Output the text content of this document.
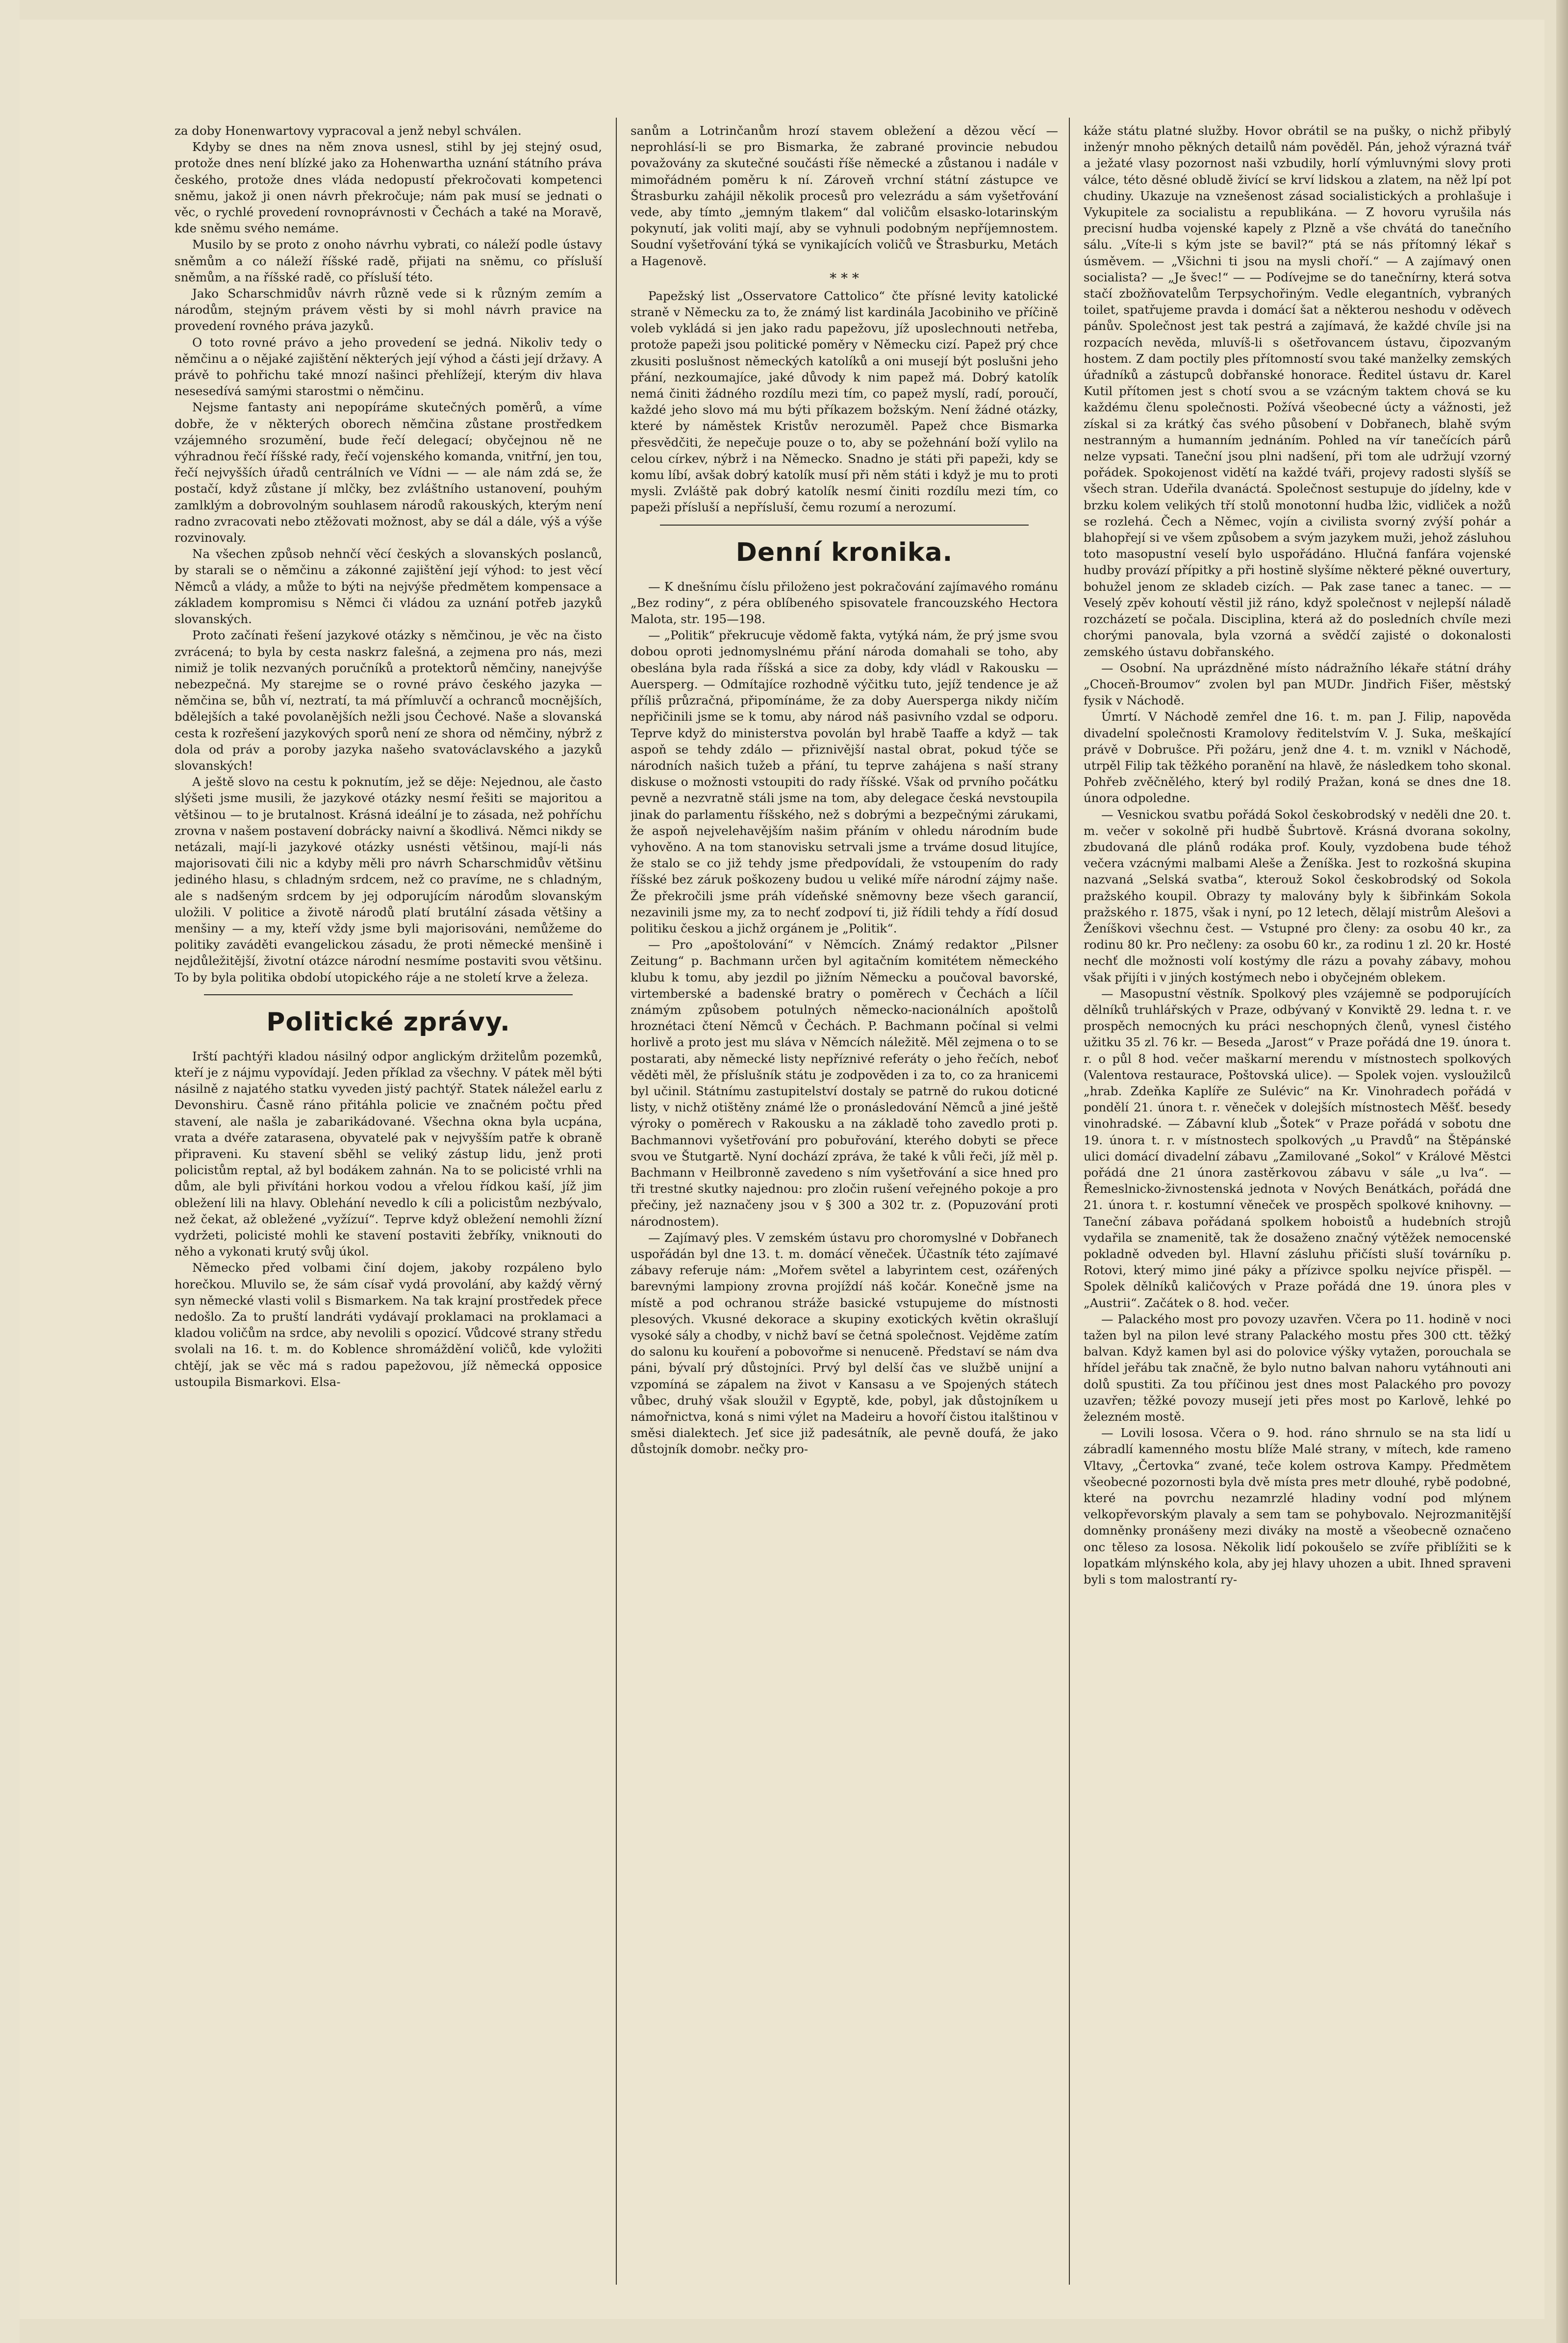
za doby Honenwartovy vypracoval a jenž nebyl schválen.

Kdyby se dnes na něm znova usnesl, stihl by jej stejný osud, protože dnes není blízké jako za Hohenwartha uznání státního práva českého, protože dnes vláda nedopustí překročovati kompetenci sněmu, jakož ji onen návrh překročuje; nám pak musí se jednati o věc, o rychlé provedení rovnoprávnosti v Čechách a také na Moravě, kde sněmu svého nemáme.

Musilo by se proto z onoho návrhu vybrati, co náleží podle ústavy sněmům a co náleží říšské radě, přijati na sněmu, co přísluší sněmům, a na říšské radě, co přísluší této.

Jako Scharschmidův návrh různě vede si k různým zemím a národům, stejným právem věsti by si mohl návrh pravice na provedení rovného práva jazyků.

O toto rovné právo a jeho provedení se jedná. Nikoliv tedy o němčinu a o nějaké zajištění některých její výhod a části její državy. A právě to pohřichu také mnozí našinci přehlížejí, kterým div hlava nesesedívá samými starostmi o němčinu.

Nejsme fantasty ani nepopíráme skutečných poměrů, a víme dobře, že v některých oborech němčina zůstane prostředkem vzájemného srozumění, bude řečí delegací; obyčejnou ně ne výhradnou řečí říšské rady, řečí vojenského komanda, vnitřní, jen tou, řečí nejvyšších úřadů centrálních ve Vídni — — ale nám zdá se, že postačí, když zůstane jí mlčky, bez zvláštního ustanovení, pouhým zamlklým a dobrovolným souhlasem národů rakouských, kterým není radno zvracovati nebo ztěžovati možnost, aby se dál a dále, výš a výše rozvinovaly.

Na všechen způsob nehnčí věcí českých a slovanských poslanců, by starali se o němčinu a zákonné zajištění její výhod: to jest věcí Němců a vlády, a může to býti na nejvýše předmětem kompensace a základem kompromisu s Němci či vládou za uznání potřeb jazyků slovanských.

Proto začínati řešení jazykové otázky s němčinou, je věc na čisto zvrácená; to byla by cesta naskrz falešná, a zejmena pro nás, mezi nimiž je tolik nezvaných poručníků a protektorů němčiny, nanejvýše nebezpečná. My starejme se o rovné právo českého jazyka — němčina se, bůh ví, neztratí, ta má přímluvčí a ochranců mocnějších, bdělejších a také povolanějších nežli jsou Čechové. Naše a slovanská cesta k rozřešení jazykových sporů není ze shora od němčiny, nýbrž z dola od práv a poroby jazyka našeho svatováclavského a jazyků slovanských!

A ještě slovo na cestu k poknutím, jež se děje: Nejednou, ale často slýšeti jsme musili, že jazykové otázky nesmí řešiti se majoritou a většinou — to je brutalnost. Krásná ideální je to zásada, než pohříchu zrovna v našem postavení dobrácky naivní a škodlivá. Němci nikdy se netázali, mají-li jazykové otázky usnésti většinou, mají-li nás majorisovati čili nic a kdyby měli pro návrh Scharschmidův většinu jediného hlasu, s chladným srdcem, než co pravíme, ne s chladným, ale s nadšeným srdcem by jej odporujícím národům slovanským uložili. V politice a životě národů platí brutální zásada většiny a menšiny — a my, kteří vždy jsme byli majorisováni, nemůžeme do politiky zaváděti evangelickou zásadu, že proti německé menšině i nejdůležitější, životní otázce národní nesmíme postaviti svou většinu. To by byla politika období utopického ráje a ne století krve a železa.

Politické zprávy.

Irští pachtýři kladou násilný odpor anglickým držitelům pozemků, kteří je z nájmu vypovídají. Jeden příklad za všechny. V pátek měl býti násilně z najatého statku vyveden jistý pachtýř. Statek náležel earlu z Devonshiru. Časně ráno přitáhla policie ve značném počtu před stavení, ale našla je zabarikádované. Všechna okna byla ucpána, vrata a dvéře zatarasena, obyvatelé pak v nejvyšším patře k obraně připraveni. Ku stavení sběhl se veliký zástup lidu, jenž proti policistům reptal, až byl bodákem zahnán. Na to se policisté vrhli na dům, ale byli přivítáni horkou vodou a vřelou řídkou kaší, jíž jim obležení lili na hlavy. Oblehání nevedlo k cíli a policistům nezbývalo, než čekat, až obležené „vyžízuí“. Teprve když obležení nemohli žízní vydržeti, policisté mohli ke stavení postaviti žebříky, vniknouti do něho a vykonati krutý svůj úkol.

Německo před volbami činí dojem, jakoby rozpáleno bylo horečkou. Mluvilo se, že sám císař vydá provolání, aby každý věrný syn německé vlasti volil s Bismarkem. Na tak krajní prostředek přece nedošlo. Za to pruští landráti vydávají proklamaci na proklamaci a kladou voličům na srdce, aby nevolili s opozicí. Vůdcové strany středu svolali na 16. t. m. do Koblence shromáždění voličů, kde vyložiti chtějí, jak se věc má s radou papežovou, jíž německá opposice ustoupila Bismarkovi. Elsa-

sanům a Lotrinčanům hrozí stavem obležení a dězou věcí — neprohlásí-li se pro Bismarka, že zabrané provincie nebudou považovány za skutečné součásti říše německé a zůstanou i nadále v mimořádném poměru k ní. Zároveň vrchní státní zástupce ve Štrasburku zahájil několik procesů pro velezrádu a sám vyšetřování vede, aby tímto „jemným tlakem“ dal voličům elsasko-lotarinským pokynutí, jak voliti mají, aby se vyhnuli podobným nepříjemnostem. Soudní vyšetřování týká se vynikajících voličů ve Štrasburku, Metách a Hagenově.

* * *

Papežský list „Osservatore Cattolico“ čte přísné levity katolické straně v Německu za to, že známý list kardinála Jacobiniho ve příčině voleb vykládá si jen jako radu papežovu, jíž uposlechnouti netřeba, protože papeži jsou politické poměry v Německu cizí. Papež prý chce zkusiti poslušnost německých katolíků a oni musejí být poslušni jeho přání, nezkoumajíce, jaké důvody k nim papež má. Dobrý katolík nemá činiti žádného rozdílu mezi tím, co papež myslí, radí, poroučí, každé jeho slovo má mu býti příkazem božským. Není žádné otázky, které by náměstek Kristův nerozuměl. Papež chce Bismarka přesvědčiti, že nepečuje pouze o to, aby se požehnání boží vylilo na celou církev, nýbrž i na Německo. Snadno je státi při papeži, kdy se komu líbí, avšak dobrý katolík musí při něm státi i když je mu to proti mysli. Zvláště pak dobrý katolík nesmí činiti rozdílu mezi tím, co papeži přísluší a nepřísluší, čemu rozumí a nerozumí.

Denní kronika.

— K dnešnímu číslu přiloženo jest pokračování zajímavého románu „Bez rodiny“, z péra oblíbeného spisovatele francouzského Hectora Malota, str. 195—198.

— „Politik“ překrucuje vědomě fakta, vytýká nám, že prý jsme svou dobou oproti jednomyslnému přání národa domahali se toho, aby obeslána byla rada říšská a sice za doby, kdy vládl v Rakousku — Auersperg. — Odmítajíce rozhodně výčitku tuto, jejíž tendence je až příliš průzračná, připomínáme, že za doby Auerspergа nikdy ničím nepřičinili jsme se k tomu, aby národ náš pasivního vzdal se odporu. Teprve když do ministerstva povolán byl hrabě Taaffe a když — tak aspoň se tehdy zdálo — přiznivější nastal obrat, pokud týče se národních našich tužeb a přání, tu teprve zahájena s naší strany diskuse o možnosti vstoupiti do rady říšské. Však od prvního počátku pevně a nezvratně stáli jsme na tom, aby delegace česká nevstoupila jinak do parlamentu říšského, než s dobrými a bezpečnými zárukami, že aspoň nejvelehavějším našim přáním v ohledu národním bude vyhověno. A na tom stanovisku setrvali jsme a trváme dosud litujíce, že stalo se co již tehdy jsme předpovídali, že vstoupením do rady říšské bez záruk poškozeny budou u veliké míře národní zájmy naše. Že překročili jsme práh vídeňské sněmovny beze všech garancií, nezavinili jsme my, za to nechť zodpoví ti, již řídili tehdy a řídí dosud politiku českou a jichž orgánem je „Politik“.

— Pro „apoštolování“ v Němcích. Známý redaktor „Pilsner Zeitung“ p. Bachmann určen byl agitačním komitétem německého klubu k tomu, aby jezdil po jižním Německu a poučoval bavorské, virtemberské a badenské bratry o poměrech v Čechách a líčil známým způsobem potulných německo-nacionálních apoštolů hroznétaci čtení Němců v Čechách. P. Bachmann počínal si velmi horlivě a proto jest mu sláva v Němcích náležitě. Měl zejmena o to se postarati, aby německé listy nepříznivé referáty o jeho řečích, neboť věděti měl, že příslušník státu je zodpověden i za to, co za hranicemi byl učinil. Státnímu zastupitelství dostaly se patrně do rukou doticné listy, v nichž otištěny známé lže o pronásledování Němců a jiné ještě výroky o poměrech v Rakousku a na základě toho zavedlo proti p. Bachmannovi vyšetřování pro pobuřování, kterého dobyti se přece svou ve Štutgartě. Nyní dochází zpráva, že také k vůli řeči, jíž měl p. Bachmann v Heilbronně zavedeno s ním vyšetřování a sice hned pro tři trestné skutky najednou: pro zločin rušení veřejného pokoje a pro přečiny, jež naznačeny jsou v § 300 a 302 tr. z. (Popuzování proti národnostem).

— Zajímavý ples. V zemském ústavu pro choromyslné v Dobřanech uspořádán byl dne 13. t. m. domácí věneček. Účastník této zajímavé zábavy referuje nám: „Mořem světel a labyrintem cest, ozářených barevnými lampiony zrovna projíždí náš kočár. Konečně jsme na místě a pod ochranou stráže basické vstupujeme do místnosti plesových. Vkusné dekorace a skupiny exotických květin okrašlují vysoké sály a chodby, v nichž baví se četná společnost. Vejděme zatím do salonu ku kouření a pobovořme si nenuceně. Představí se nám dva páni, bývalí prý důstojníci. Prvý byl delší čas ve službě unijní a vzpomíná se zápalem na život v Kansasu a ve Spojených státech vůbec, druhý však sloužil v Egyptě, kde, pobyl, jak důstojníkem u námořnictva, koná s nimi výlet na Madeiru a hovoří čistou italštinou v směsi dialektech. Jeť sice již padesátník, ale pevně doufá, že jako důstojník domobr. nečky pro-

káže státu platné služby. Hovor obrátil se na pušky, o nichž přibylý inženýr mnoho pěkných detailů nám pověděl. Pán, jehož výrazná tvář a ježaté vlasy pozornost naši vzbudily, horlí výmluvnými slovy proti válce, této děsné obludě živící se krví lidskou a zlatem, na něž lpí pot chudiny. Ukazuje na vznešenost zásad socialistických a prohlašuje i Vykupitele za socialistu a republikána. — Z hovoru vyrušila nás precisní hudba vojenské kapely z Plzně a vše chvátá do tanečního sálu. „Víte-li s kým jste se bavil?“ ptá se nás přítomný lékař s úsměvem. — „Všichni ti jsou na mysli choří.“ — A zajímavý onen socialista? — „Je švec!“ — — Podívejme se do tanečnírny, která sotva stačí zbožňovatelům Terpsychořiným. Vedle elegantních, vybraných toilet, spatřujeme pravda i domácí šat a některou neshodu v oděvech pánův. Společnost jest tak pestrá a zajímavá, že každé chvíle jsi na rozpacích nevěda, mluvíš-li s ošetřovancem ústavu, čipozvaným hostem. Z dam poctily ples přítomností svou také manželky zemských úřadníků a zástupců dobřanské honorace. Ředitel ústavu dr. Karel Kutil přítomen jest s chotí svou a se vzácným taktem chová se ku každému členu společnosti. Požívá všeobecné úcty a vážnosti, jež získal si za krátký čas svého působení v Dobřanech, blahě svým nestranným a humanním jednáním. Pohled na vír tanečících párů nelze vypsati. Taneční jsou plni nadšení, při tom ale udržují vzorný pořádek. Spokojenost vidětí na každé tváři, projevy radosti slyšíš se všech stran. Udeřila dvanáctá. Společnost sestupuje do jídelny, kde v brzku kolem velikých tří stolů monotonní hudba lžic, vidliček a nožů se rozlehá. Čech a Němec, vojín a civilista svorný zvýší pohár a blahopřejí si ve všem způsobem a svým jazykem muži, jehož zásluhou toto masopustní veselí bylo uspořádáno. Hlučná fanfára vojenské hudby provází přípitky a při hostině slyšíme některé pěkné ouvertury, bohužel jenom ze skladeb cizích. — Pak zase tanec a tanec. — — Veselý zpěv kohoutí věstil již ráno, když společnost v nejlepší náladě rozcházetí se počala. Disciplina, která až do posledních chvíle mezi chorými panovala, byla vzorná a svědčí zajisté o dokonalosti zemského ústavu dobřanského.

— Osobní. Na uprázdněné místo nádražního lékaře státní dráhy „Choceň-Broumov“ zvolen byl pan MUDr. Jindřich Fišer, městský fysik v Náchodě.

Úmrtí. V Náchodě zemřel dne 16. t. m. pan J. Filip, napověda divadelní společnosti Kramolovy ředitelstvím V. J. Suka, meškající právě v Dobrušce. Při požáru, jenž dne 4. t. m. vznikl v Náchodě, utrpěl Filip tak těžkého poranění na hlavě, že následkem toho skonal. Pohřeb zvěčnělého, který byl rodilý Pražan, koná se dnes dne 18. února odpoledne.

— Vesnickou svatbu pořádá Sokol českobrodský v neděli dne 20. t. m. večer v sokolně při hudbě Šubrtově. Krásná dvorana sokolny, zbudovaná dle plánů rodáka prof. Kouly, vyzdobena bude téhož večera vzácnými malbami Aleše a Ženíška. Jest to rozkošná skupina nazvaná „Selská svatba“, kterouž Sokol českobrodský od Sokola pražského koupil. Obrazy ty malovány byly k šibřinkám Sokola pražského r. 1875, však i nyní, po 12 letech, dělají mistrům Alešovi a Ženíškovi všechnu čest. — Vstupné pro členy: za osobu 40 kr., za rodinu 80 kr. Pro nečleny: za osobu 60 kr., za rodinu 1 zl. 20 kr. Hosté nechť dle možnosti volí kostýmy dle rázu a povahy zábavy, mohou však přijíti i v jiných kostýmech nebo i obyčejném oblekem.

— Masopustní věstník. Spolkový ples vzájemně se podporujících dělníků truhlářských v Praze, odbývaný v Konviktě 29. ledna t. r. ve prospěch nemocných ku práci neschopných členů, vynesl čistého užitku 35 zl. 76 kr. — Beseda „Jarost“ v Praze pořádá dne 19. února t. r. o půl 8 hod. večer maškarní merendu v místnostech spolkových (Valentova restaurace, Poštovská ulice). — Spolek vojen. vysloužilců „hrab. Zdeňka Kaplíře ze Sulévic“ na Kr. Vinohradech pořádá v pondělí 21. února t. r. věneček v dolejších místnostech Měšť. besedy vinohradské. — Zábavní klub „Šotek“ v Praze pořádá v sobotu dne 19. února t. r. v místnostech spolkových „u Pravdů“ na Štěpánské ulici domácí divadelní zábavu „Zamilované „Sokol“ v Králové Městci pořádá dne 21 února zastěrkovou zábavu v sále „u lva“. — Řemeslnicko-živnostenská jednota v Nových Benátkách, pořádá dne 21. února t. r. kostumní věneček ve prospěch spolkové knihovny. — Taneční zábava pořádaná spolkem hoboistů a hudebních strojů vydařila se znamenitě, tak že dosaženo značný výtěžek nemocenské pokladně odveden byl. Hlavní zásluhu přičísti sluší továrníku p. Rotovi, který mimo jiné páky a přízivce spolku nejvíce přispěl. — Spolek dělníků kaličových v Praze pořádá dne 19. února ples v „Austrii“. Začátek o 8. hod. večer.

— Palackého most pro povozy uzavřen. Včera po 11. hodině v noci tažen byl na pilon levé strany Palackého mostu přes 300 ctt. těžký balvan. Když kamen byl asi do polovice výšky vytažen, porouchala se hřídel jeřábu tak značně, že bylo nutno balvan nahoru vytáhnouti ani dolů spustiti. Za tou příčinou jest dnes most Palackého pro povozy uzavřen; těžké povozy musejí jeti přes most po Karlově, lehké po železném mostě.

— Lovili lososa. Včera o 9. hod. ráno shrnulo se na sta lidí u zábradlí kamenného mostu blíže Malé strany, v mítech, kde rameno Vltavy, „Čertovka“ zvané, teče kolem ostrova Kampy. Předmětem všeobecné pozornosti byla dvě místa pres metr dlouhé, rybě podobné, které na povrchu nezamrzlé hladiny vodní pod mlýnem velkopřevorským plavaly a sem tam se pohybovalo. Nejrozmanitější domněnky pronášeny mezi diváky na mostě a všeobecně označeno onc těleso za lososa. Několik lidí pokoušelo se zvíře přiblížiti se k lopatkám mlýnského kola, aby jej hlavy uhozen a ubit. Ihned spraveni byli s tom malostrantí ry-
